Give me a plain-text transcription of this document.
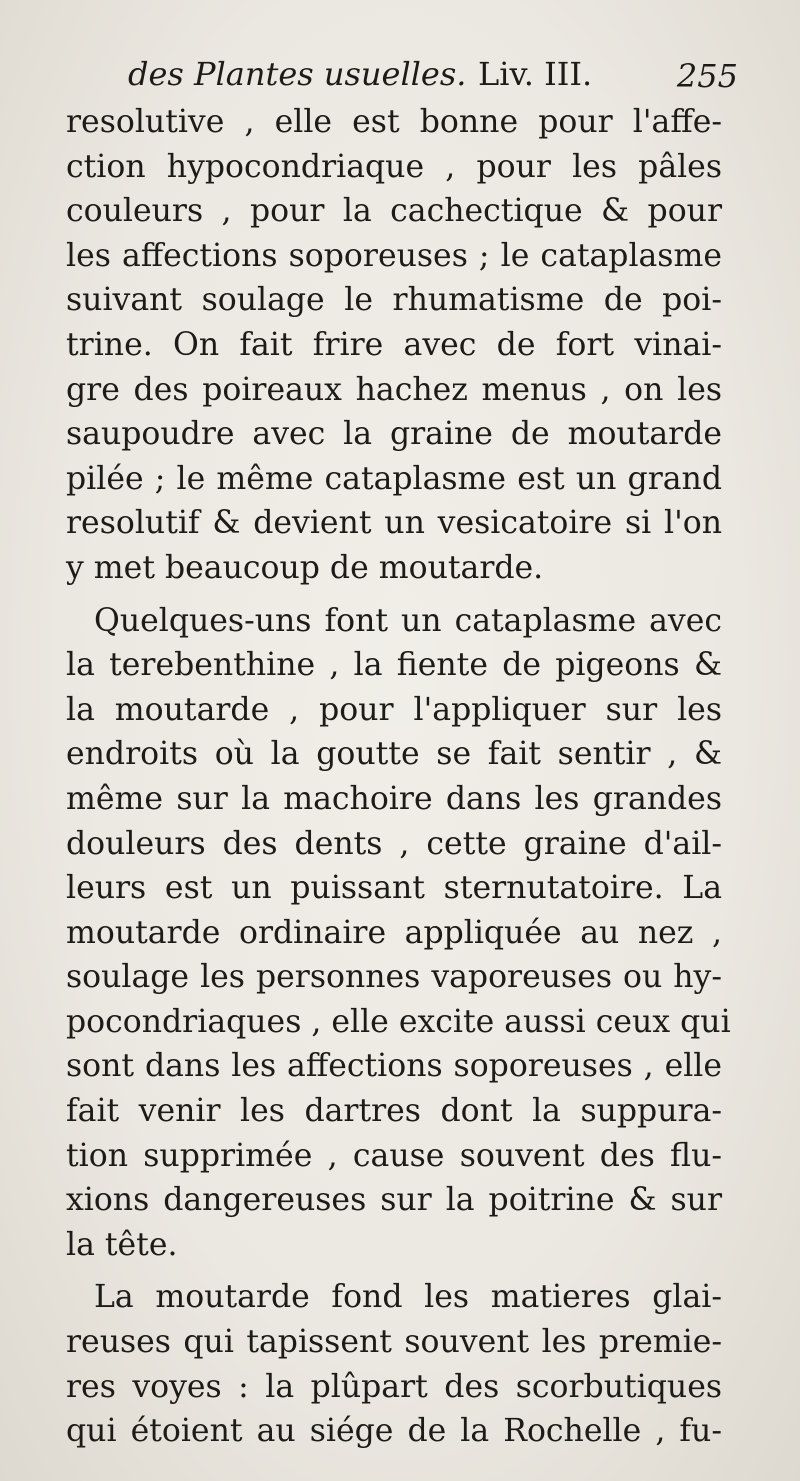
des Plantes usuelles. Liv. III.	255
resolutive , elle est bonne pour l'affe-
ction hypocondriaque , pour les pâles
couleurs , pour la cachectique & pour
les affections soporeuses ; le cataplasme
suivant soulage le rhumatisme de poi-
trine. On fait frire avec de fort vinai-
gre des poireaux hachez menus , on les
saupoudre avec la graine de moutarde
pilée ; le même cataplasme est un grand
resolutif & devient un vesicatoire si l'on
y met beaucoup de moutarde.
Quelques-uns font un cataplasme avec
la terebenthine , la fiente de pigeons &
la moutarde , pour l'appliquer sur les
endroits où la goutte se fait sentir , &
même sur la machoire dans les grandes
douleurs des dents , cette graine d'ail-
leurs est un puissant sternutatoire. La
moutarde ordinaire appliquée au nez ,
soulage les personnes vaporeuses ou hy-
pocondriaques , elle excite aussi ceux qui
sont dans les affections soporeuses , elle
fait venir les dartres dont la suppura-
tion supprimée , cause souvent des flu-
xions dangereuses sur la poitrine & sur
la tête.
La moutarde fond les matieres glai-
reuses qui tapissent souvent les premie-
res voyes : la plûpart des scorbutiques
qui étoient au siége de la Rochelle , fu-
